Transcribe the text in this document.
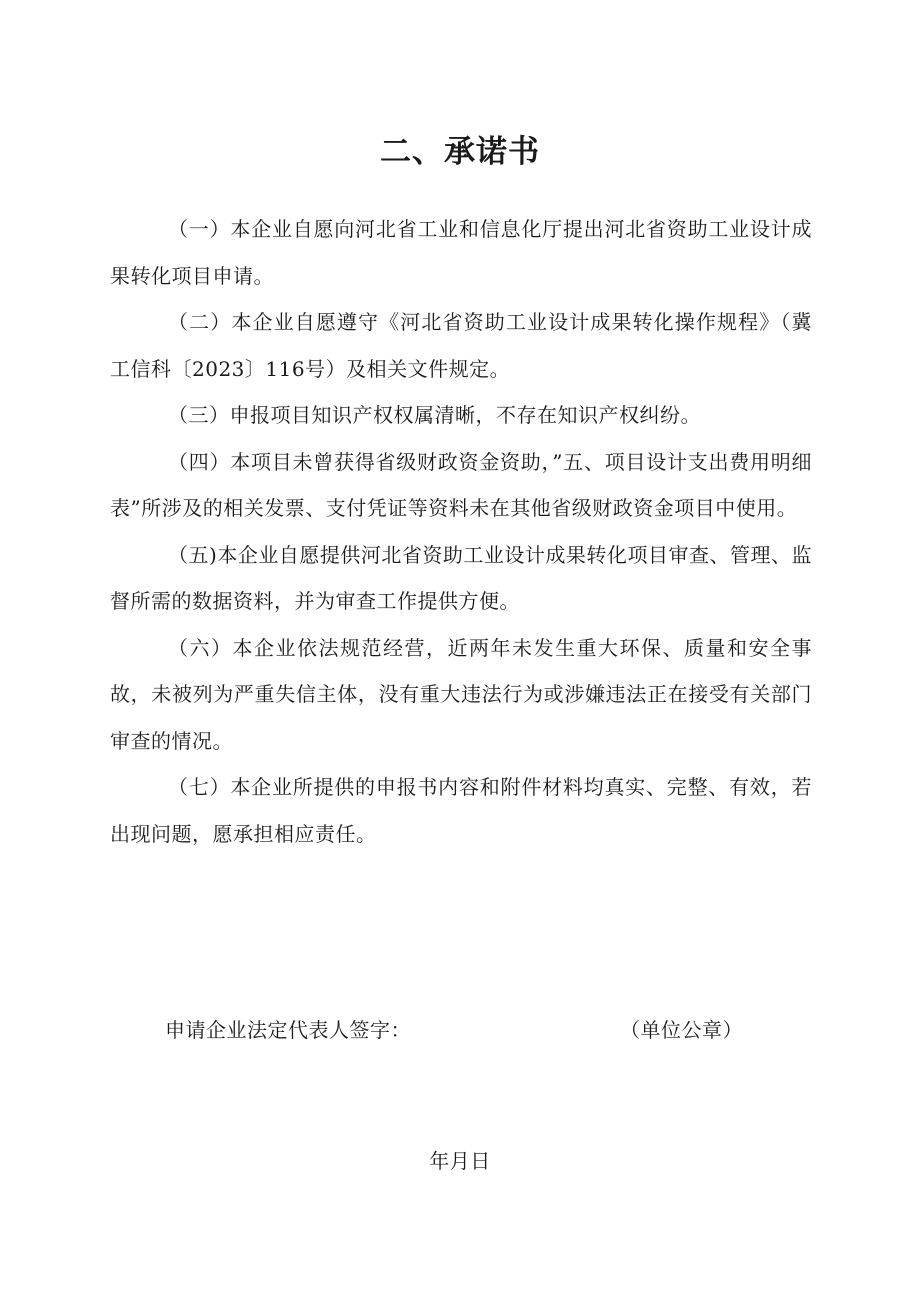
二、承诺书

（一）本企业自愿向河北省工业和信息化厅提出河北省资助工业设计成果转化项目申请。

（二）本企业自愿遵守《河北省资助工业设计成果转化操作规程》（冀工信科〔2023〕116号）及相关文件规定。

（三）申报项目知识产权权属清晰，不存在知识产权纠纷。

（四）本项目未曾获得省级财政资金资助，”五、项目设计支出费用明细表”所涉及的相关发票、支付凭证等资料未在其他省级财政资金项目中使用。

（五)本企业自愿提供河北省资助工业设计成果转化项目审查、管理、监督所需的数据资料，并为审查工作提供方便。

（六）本企业依法规范经营，近两年未发生重大环保、质量和安全事故，未被列为严重失信主体，没有重大违法行为或涉嫌违法正在接受有关部门审查的情况。

（七）本企业所提供的申报书内容和附件材料均真实、完整、有效，若出现问题，愿承担相应责任。

申请企业法定代表人签字：	（单位公章）
年月日
